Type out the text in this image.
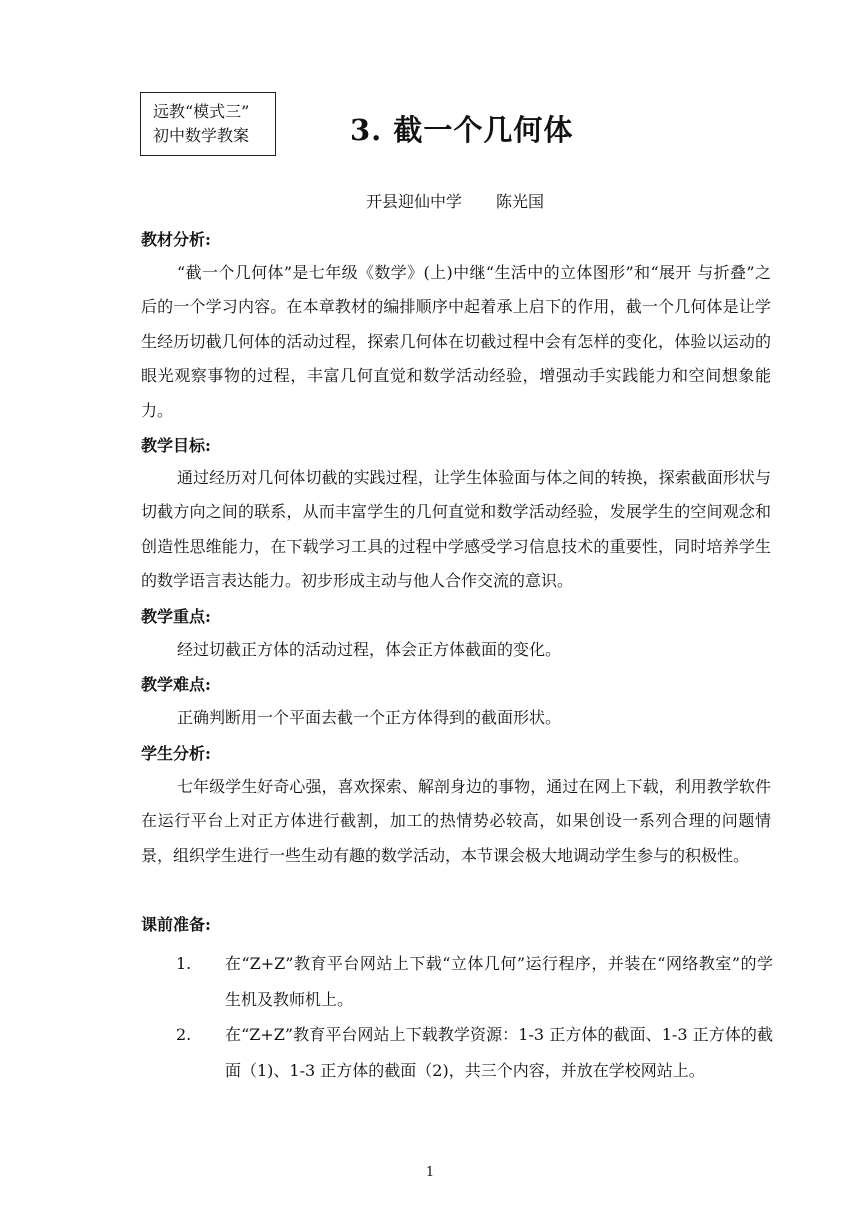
远教“模式三”
初中数学教案	3. 截一个几何体
开县迎仙中学 陈光国
教材分析:

“截一个几何体”是七年级《数学》(上)中继“生活中的立体图形”和“展开 与折叠”之后的一个学习内容。在本章教材的编排顺序中起着承上启下的作用，截一个几何体是让学生经历切截几何体的活动过程，探索几何体在切截过程中会有怎样的变化，体验以运动的眼光观察事物的过程，丰富几何直觉和数学活动经验，增强动手实践能力和空间想象能力。

教学目标:

通过经历对几何体切截的实践过程，让学生体验面与体之间的转换，探索截面形状与切截方向之间的联系，从而丰富学生的几何直觉和数学活动经验，发展学生的空间观念和创造性思维能力，在下载学习工具的过程中学感受学习信息技术的重要性，同时培养学生的数学语言表达能力。初步形成主动与他人合作交流的意识。

教学重点:

经过切截正方体的活动过程，体会正方体截面的变化。

教学难点:

正确判断用一个平面去截一个正方体得到的截面形状。

学生分析:

七年级学生好奇心强，喜欢探索、解剖身边的事物，通过在网上下载，利用教学软件在运行平台上对正方体进行截割，加工的热情势必较高，如果创设一系列合理的问题情景，组织学生进行一些生动有趣的数学活动，本节课会极大地调动学生参与的积极性。

课前准备:
1. 在“Z+Z”教育平台网站上下载“立体几何”运行程序，并装在“网络教室”的学生机及教师机上。
2. 在“Z+Z”教育平台网站上下载教学资源：1-3 正方体的截面、1-3 正方体的截面（1)、1-3 正方体的截面（2)，共三个内容，并放在学校网站上。
1
